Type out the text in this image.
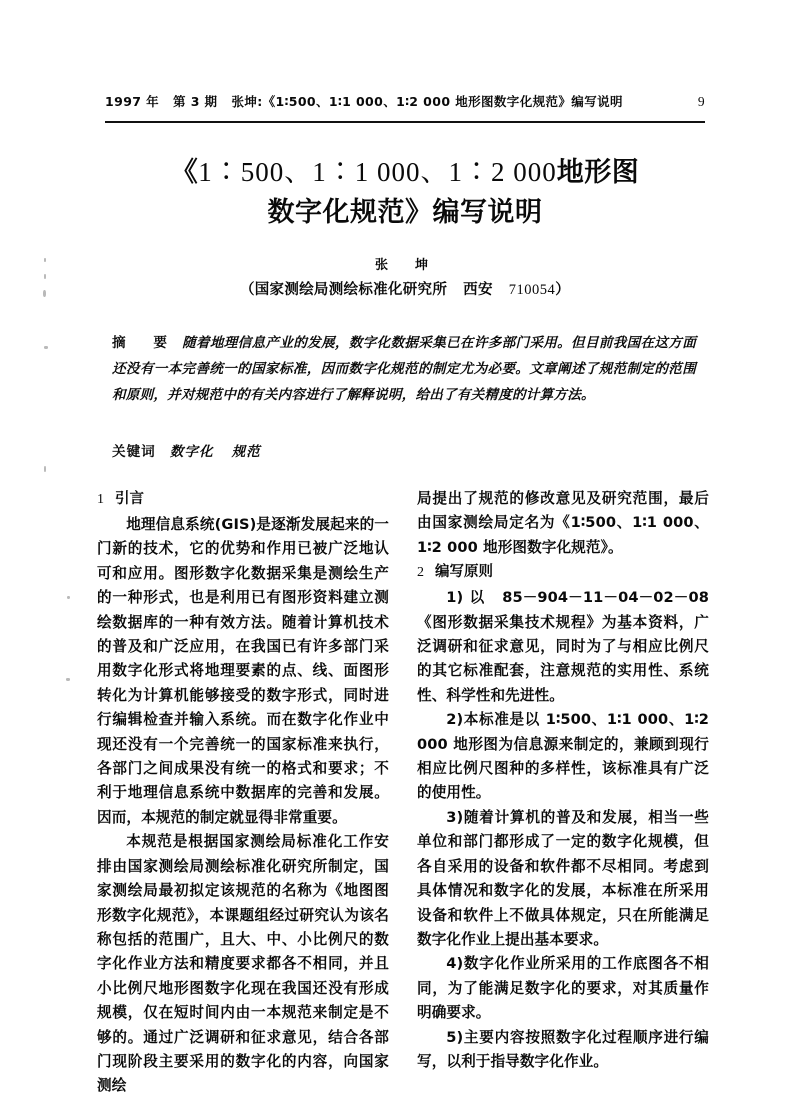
1997 年 第 3 期 张坤:《1∶500、1∶1 000、1∶2 000 地形图数字化规范》编写说明	9
《1∶500、1∶1 000、1∶2 000地形图
数字化规范》编写说明
张　坤
（国家测绘局测绘标准化研究所 西安 710054）
摘　要 随着地理信息产业的发展，数字化数据采集已在许多部门采用。但目前我国在这方面还没有一本完善统一的国家标准，因而数字化规范的制定尤为必要。文章阐述了规范制定的范围和原则，并对规范中的有关内容进行了解释说明，给出了有关精度的计算方法。
关键词 数字化 规范
1 引言

地理信息系统(GIS)是逐渐发展起来的一门新的技术，它的优势和作用已被广泛地认可和应用。图形数字化数据采集是测绘生产的一种形式，也是利用已有图形资料建立测绘数据库的一种有效方法。随着计算机技术的普及和广泛应用，在我国已有许多部门采用数字化形式将地理要素的点、线、面图形转化为计算机能够接受的数字形式，同时进行编辑检查并输入系统。而在数字化作业中现还没有一个完善统一的国家标准来执行，各部门之间成果没有统一的格式和要求；不利于地理信息系统中数据库的完善和发展。因而，本规范的制定就显得非常重要。

本规范是根据国家测绘局标准化工作安排由国家测绘局测绘标准化研究所制定，国家测绘局最初拟定该规范的名称为《地图图形数字化规范》，本课题组经过研究认为该名称包括的范围广，且大、中、小比例尺的数字化作业方法和精度要求都各不相同，并且小比例尺地形图数字化现在我国还没有形成规模，仅在短时间内由一本规范来制定是不够的。通过广泛调研和征求意见，结合各部门现阶段主要采用的数字化的内容，向国家测绘

局提出了规范的修改意见及研究范围，最后由国家测绘局定名为《1∶500、1∶1 000、1∶2 000 地形图数字化规范》。

2 编写原则

1)以 85－904－11－04－02－08《图形数据采集技术规程》为基本资料，广泛调研和征求意见，同时为了与相应比例尺的其它标准配套，注意规范的实用性、系统性、科学性和先进性。

2)本标准是以 1∶500、1∶1 000、1∶2 000 地形图为信息源来制定的，兼顾到现行相应比例尺图种的多样性，该标准具有广泛的使用性。

3)随着计算机的普及和发展，相当一些单位和部门都形成了一定的数字化规模，但各自采用的设备和软件都不尽相同。考虑到具体情况和数字化的发展，本标准在所采用设备和软件上不做具体规定，只在所能满足数字化作业上提出基本要求。

4)数字化作业所采用的工作底图各不相同，为了能满足数字化的要求，对其质量作明确要求。

5)主要内容按照数字化过程顺序进行编写，以利于指导数字化作业。
